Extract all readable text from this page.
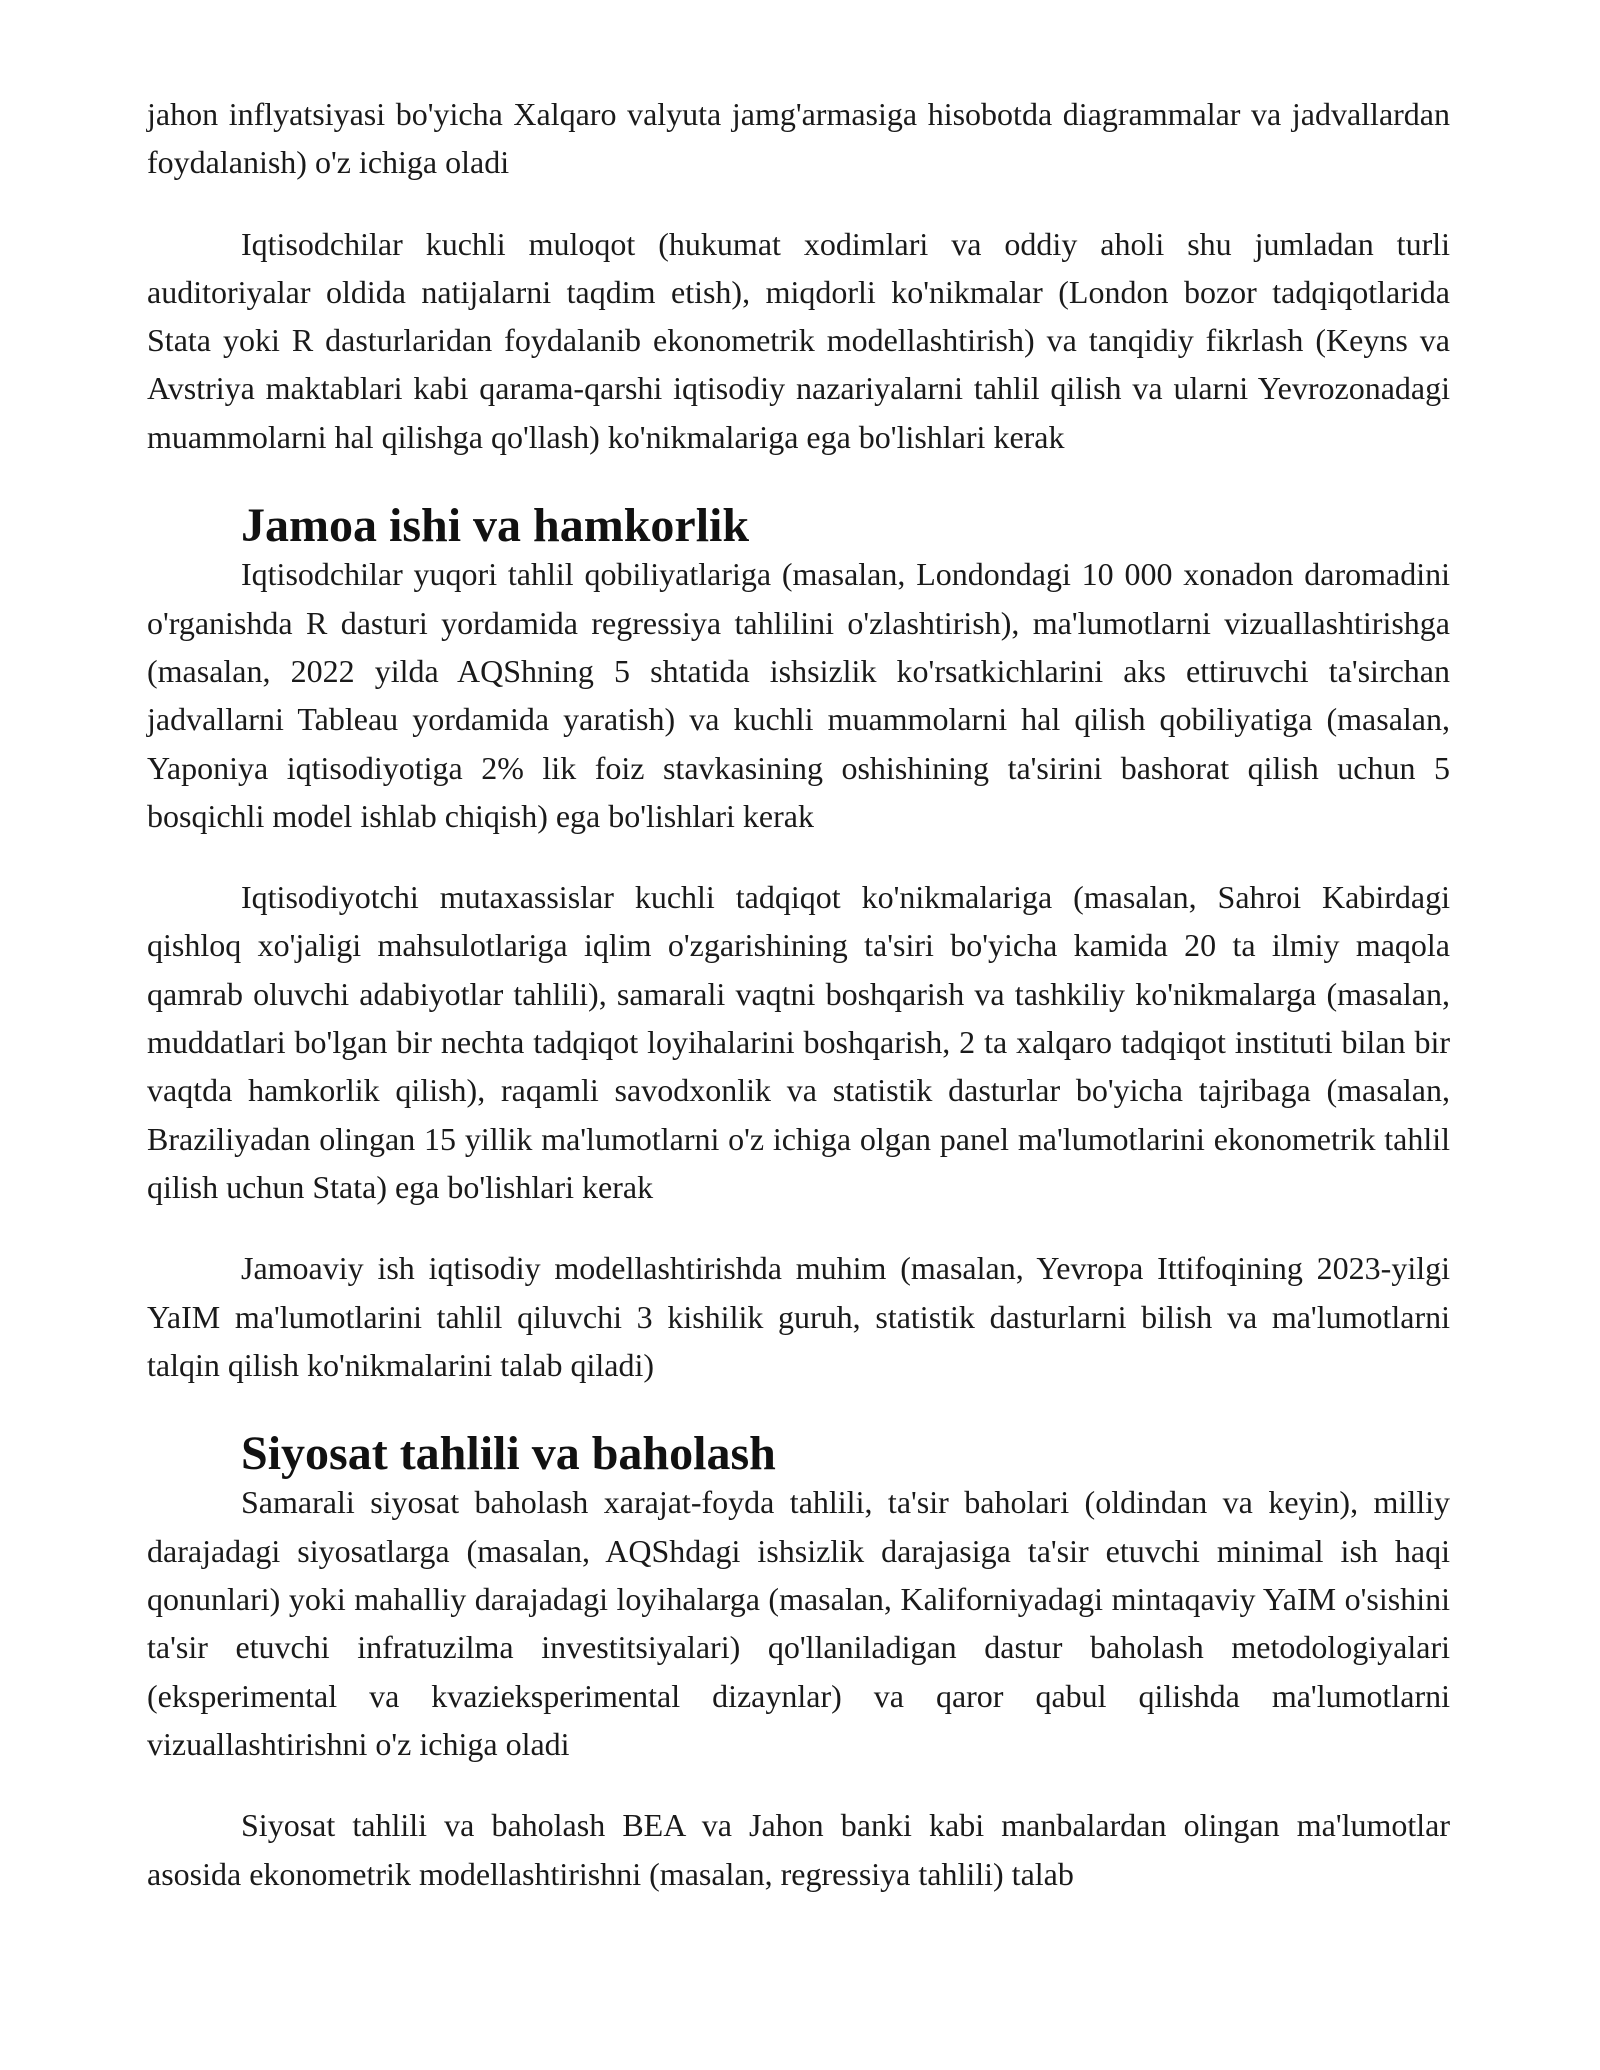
jahon inflyatsiyasi bo'yicha Xalqaro valyuta jamg'armasiga hisobotda diagrammalar va jadvallardan foydalanish) o'z ichiga oladi

Iqtisodchilar kuchli muloqot (hukumat xodimlari va oddiy aholi shu jumladan turli auditoriyalar oldida natijalarni taqdim etish), miqdorli ko'nikmalar (London bozor tadqiqotlarida Stata yoki R dasturlaridan foydalanib ekonometrik modellashtirish) va tanqidiy fikrlash (Keyns va Avstriya maktablari kabi qarama-qarshi iqtisodiy nazariyalarni tahlil qilish va ularni Yevrozonadagi muammolarni hal qilishga qo'llash) ko'nikmalariga ega bo'lishlari kerak

Jamoa ishi va hamkorlik

Iqtisodchilar yuqori tahlil qobiliyatlariga (masalan, Londondagi 10 000 xonadon daromadini o'rganishda R dasturi yordamida regressiya tahlilini o'zlashtirish), ma'lumotlarni vizuallashtirishga (masalan, 2022 yilda AQShning 5 shtatida ishsizlik ko'rsatkichlarini aks ettiruvchi ta'sirchan jadvallarni Tableau yordamida yaratish) va kuchli muammolarni hal qilish qobiliyatiga (masalan, Yaponiya iqtisodiyotiga 2% lik foiz stavkasining oshishining ta'sirini bashorat qilish uchun 5 bosqichli model ishlab chiqish) ega bo'lishlari kerak

Iqtisodiyotchi mutaxassislar kuchli tadqiqot ko'nikmalariga (masalan, Sahroi Kabirdagi qishloq xo'jaligi mahsulotlariga iqlim o'zgarishining ta'siri bo'yicha kamida 20 ta ilmiy maqola qamrab oluvchi adabiyotlar tahlili), samarali vaqtni boshqarish va tashkiliy ko'nikmalarga (masalan, muddatlari bo'lgan bir nechta tadqiqot loyihalarini boshqarish, 2 ta xalqaro tadqiqot instituti bilan bir vaqtda hamkorlik qilish), raqamli savodxonlik va statistik dasturlar bo'yicha tajribaga (masalan, Braziliyadan olingan 15 yillik ma'lumotlarni o'z ichiga olgan panel ma'lumotlarini ekonometrik tahlil qilish uchun Stata) ega bo'lishlari kerak

Jamoaviy ish iqtisodiy modellashtirishda muhim (masalan, Yevropa Ittifoqining 2023-yilgi YaIM ma'lumotlarini tahlil qiluvchi 3 kishilik guruh, statistik dasturlarni bilish va ma'lumotlarni talqin qilish ko'nikmalarini talab qiladi)

Siyosat tahlili va baholash

Samarali siyosat baholash xarajat-foyda tahlili, ta'sir baholari (oldindan va keyin), milliy darajadagi siyosatlarga (masalan, AQShdagi ishsizlik darajasiga ta'sir etuvchi minimal ish haqi qonunlari) yoki mahalliy darajadagi loyihalarga (masalan, Kaliforniyadagi mintaqaviy YaIM o'sishini ta'sir etuvchi infratuzilma investitsiyalari) qo'llaniladigan dastur baholash metodologiyalari (eksperimental va kvazieksperimental dizaynlar) va qaror qabul qilishda ma'lumotlarni vizuallashtirishni o'z ichiga oladi

Siyosat tahlili va baholash BEA va Jahon banki kabi manbalardan olingan ma'lumotlar asosida ekonometrik modellashtirishni (masalan, regressiya tahlili) talab
